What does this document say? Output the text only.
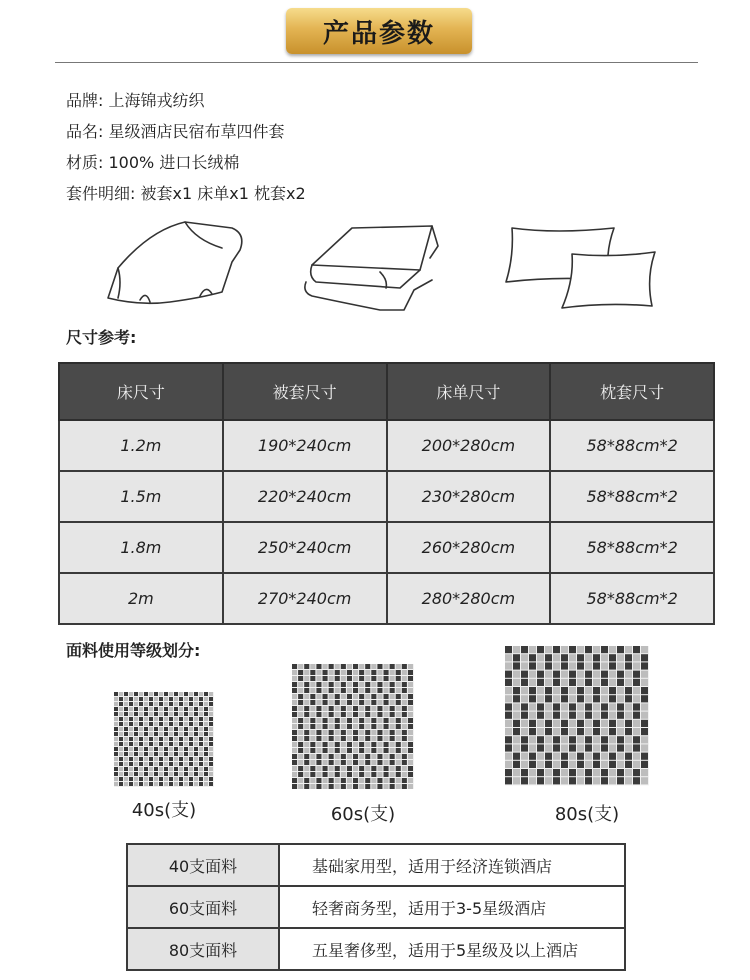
产品参数
品牌: 上海锦戎纺织
品名: 星级酒店民宿布草四件套
材质: 100% 进口长绒棉
套件明细: 被套x1 床单x1 枕套x2
尺寸参考:
床尺寸	被套尺寸	床单尺寸	枕套尺寸
1.2m	190*240cm	200*280cm	58*88cm*2
1.5m	220*240cm	230*280cm	58*88cm*2
1.8m	250*240cm	260*280cm	58*88cm*2
2m	270*240cm	280*280cm	58*88cm*2
面料使用等级划分:
40s(支)	60s(支)	80s(支)
40支面料	基础家用型，适用于经济连锁酒店
60支面料	轻奢商务型，适用于3-5星级酒店
80支面料	五星奢侈型，适用于5星级及以上酒店
